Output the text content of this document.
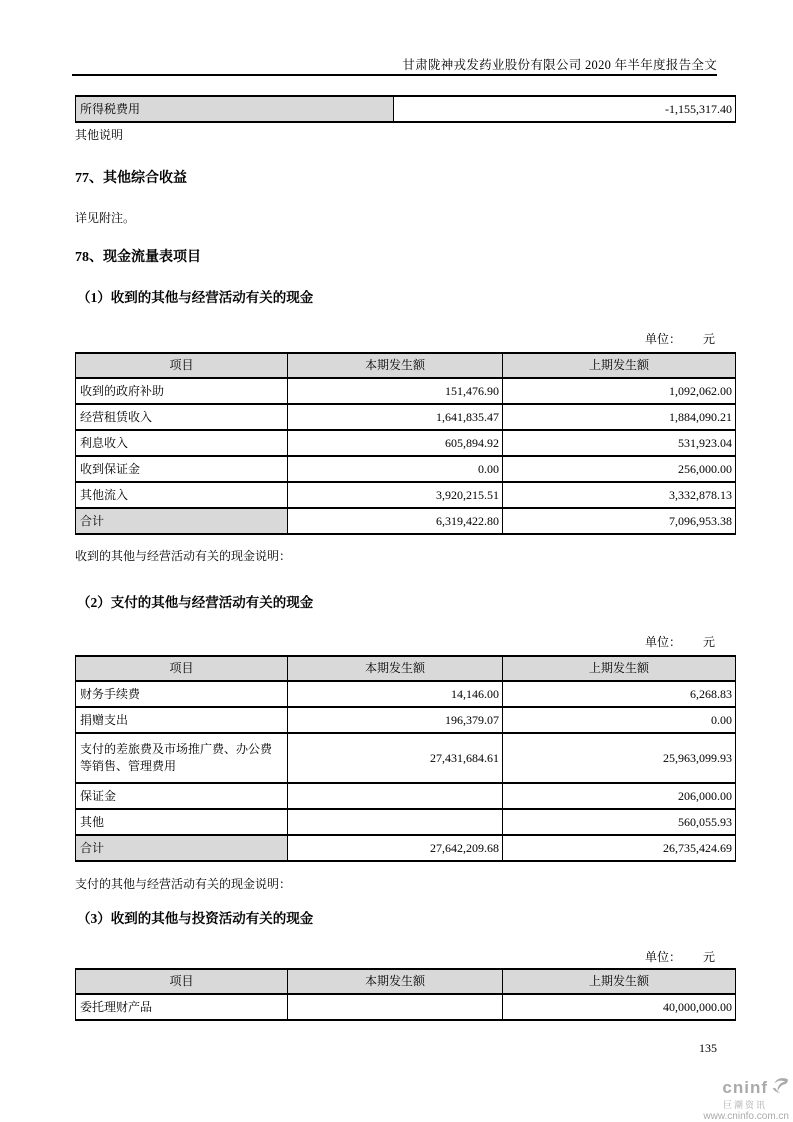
甘肃陇神戎发药业股份有限公司 2020 年半年度报告全文
所得税费用	-1,155,317.40
其他说明
77、其他综合收益
详见附注。
78、现金流量表项目
（1）收到的其他与经营活动有关的现金
单位： 元
项目	本期发生额	上期发生额
收到的政府补助	151,476.90	1,092,062.00
经营租赁收入	1,641,835.47	1,884,090.21
利息收入	605,894.92	531,923.04
收到保证金	0.00	256,000.00
其他流入	3,920,215.51	3,332,878.13
合计	6,319,422.80	7,096,953.38
收到的其他与经营活动有关的现金说明：
（2）支付的其他与经营活动有关的现金
单位： 元
项目	本期发生额	上期发生额
财务手续费	14,146.00	6,268.83
捐赠支出	196,379.07	0.00
支付的差旅费及市场推广费、办公费等销售、管理费用	27,431,684.61	25,963,099.93
保证金		206,000.00
其他		560,055.93
合计	27,642,209.68	26,735,424.69
支付的其他与经营活动有关的现金说明：
（3）收到的其他与投资活动有关的现金
单位： 元
项目	本期发生额	上期发生额
委托理财产品		40,000,000.00
135
cninf
巨潮资讯
www.cninfo.com.cn
